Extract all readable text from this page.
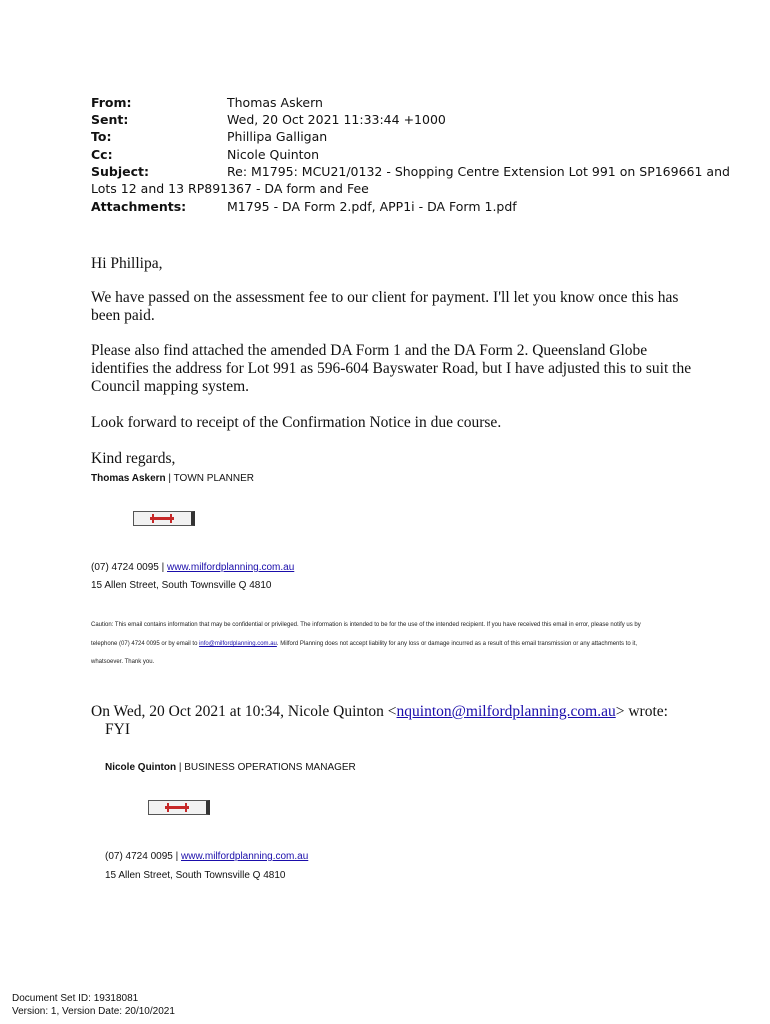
From:	Thomas Askern
Sent:	Wed, 20 Oct 2021 11:33:44 +1000
To:	Phillipa Galligan
Cc:	Nicole Quinton
Subject:	Re: M1795: MCU21/0132 - Shopping Centre Extension Lot 991 on SP169661 and
Lots 12 and 13 RP891367 - DA form and Fee
Attachments:	M1795 - DA Form 2.pdf, APP1i - DA Form 1.pdf
Hi Phillipa,
We have passed on the assessment fee to our client for payment. I'll let you know once this has
been paid.
Please also find attached the amended DA Form 1 and the DA Form 2. Queensland Globe
identifies the address for Lot 991 as 596-604 Bayswater Road, but I have adjusted this to suit the
Council mapping system.
Look forward to receipt of the Confirmation Notice in due course.
Kind regards,
Thomas Askern | TOWN PLANNER
(07) 4724 0095 | www.milfordplanning.com.au
15 Allen Street, South Townsville Q 4810
Caution: This email contains information that may be confidential or privileged. The information is intended to be for the use of the intended recipient. If you have received this email in error, please notify us by
telephone (07) 4724 0095 or by email to info@milfordplanning.com.au. Milford Planning does not accept liability for any loss or damage incurred as a result of this email transmission or any attachments to it,
whatsoever. Thank you.
On Wed, 20 Oct 2021 at 10:34, Nicole Quinton <nquinton@milfordplanning.com.au> wrote:
FYI
Nicole Quinton | BUSINESS OPERATIONS MANAGER
(07) 4724 0095 | www.milfordplanning.com.au
15 Allen Street, South Townsville Q 4810
Document Set ID: 19318081
Version: 1, Version Date: 20/10/2021
